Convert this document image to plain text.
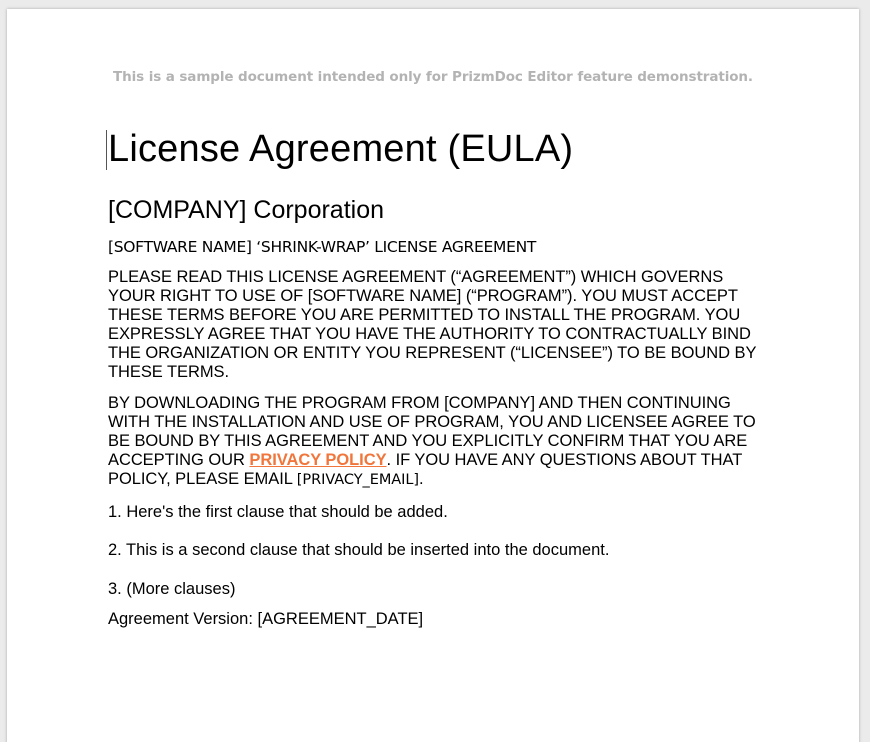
This is a sample document intended only for PrizmDoc Editor feature demonstration.
License Agreement (EULA)
[COMPANY] Corporation

[SOFTWARE NAME] ‘SHRINK-WRAP’ LICENSE AGREEMENT

PLEASE READ THIS LICENSE AGREEMENT (“AGREEMENT”) WHICH GOVERNS YOUR RIGHT TO USE OF [SOFTWARE NAME] (“PROGRAM”). YOU MUST ACCEPT THESE TERMS BEFORE YOU ARE PERMITTED TO INSTALL THE PROGRAM. YOU EXPRESSLY AGREE THAT YOU HAVE THE AUTHORITY TO CONTRACTUALLY BIND THE ORGANIZATION OR ENTITY YOU REPRESENT (“LICENSEE”) TO BE BOUND BY THESE TERMS.

BY DOWNLOADING THE PROGRAM FROM [COMPANY] AND THEN CONTINUING WITH THE INSTALLATION AND USE OF PROGRAM, YOU AND LICENSEE AGREE TO BE BOUND BY THIS AGREEMENT AND YOU EXPLICITLY CONFIRM THAT YOU ARE ACCEPTING OUR PRIVACY POLICY. IF YOU HAVE ANY QUESTIONS ABOUT THAT POLICY, PLEASE EMAIL [PRIVACY_EMAIL].

1. Here's the first clause that should be added.

2. This is a second clause that should be inserted into the document.

3. (More clauses)

Agreement Version: [AGREEMENT_DATE]
